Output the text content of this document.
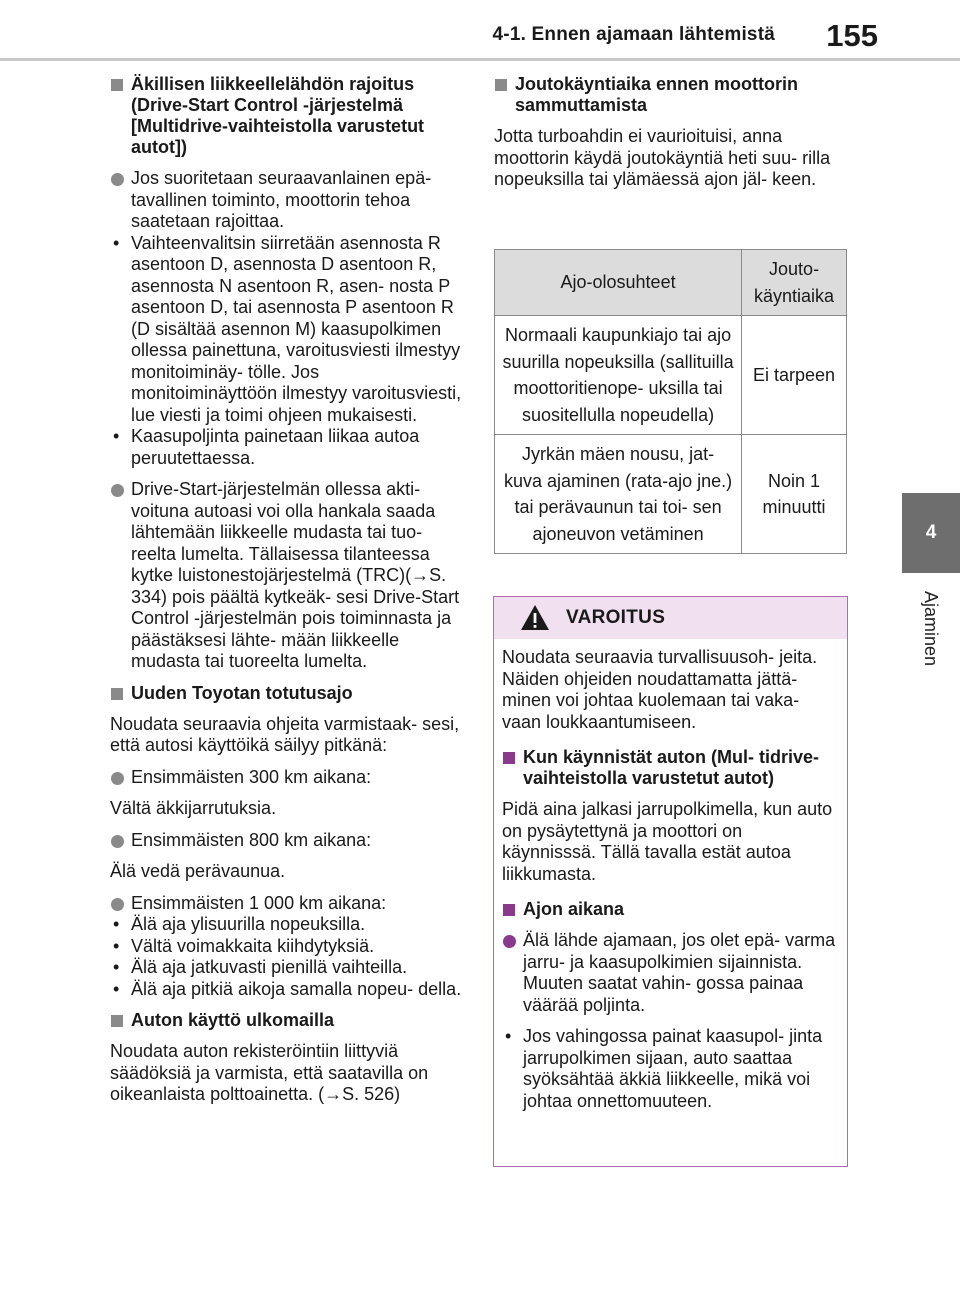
4-1. Ennen ajamaan lähtemistä 155
4
Ajaminen
Äkillisen liikkeellelähdön rajoitus (Drive-Start Control -järjestelmä [Multidrive-vaihteistolla varustetut autot])
Jos suoritetaan seuraavanlainen epä- tavallinen toiminto, moottorin tehoa saatetaan rajoittaa.
• Vaihteenvalitsin siirretään asennosta R asentoon D, asennosta D asentoon R, asennosta N asentoon R, asen- nosta P asentoon D, tai asennosta P asentoon R (D sisältää asennon M) kaasupolkimen ollessa painettuna, varoitusviesti ilmestyy monitoiminäy- tölle. Jos monitoiminäyttöön ilmestyy varoitusviesti, lue viesti ja toimi ohjeen mukaisesti.
• Kaasupoljinta painetaan liikaa autoa peruutettaessa.
Drive-Start-järjestelmän ollessa akti- voituna autoasi voi olla hankala saada lähtemään liikkeelle mudasta tai tuo- reelta lumelta. Tällaisessa tilanteessa kytke luistonestojärjestelmä (TRC)(→S. 334) pois päältä kytkeäk- sesi Drive-Start Control -järjestelmän pois toiminnasta ja päästäksesi lähte- mään liikkeelle mudasta tai tuoreelta lumelta.
Uuden Toyotan totutusajo
Noudata seuraavia ohjeita varmistaak- sesi, että autosi käyttöikä säilyy pitkänä:
Ensimmäisten 300 km aikana:
Vältä äkkijarrutuksia.
Ensimmäisten 800 km aikana:
Älä vedä perävaunua.
Ensimmäisten 1 000 km aikana:
• Älä aja ylisuurilla nopeuksilla.
• Vältä voimakkaita kiihdytyksiä.
• Älä aja jatkuvasti pienillä vaihteilla.
• Älä aja pitkiä aikoja samalla nopeu- della.
Auton käyttö ulkomailla
Noudata auton rekisteröintiin liittyviä säädöksiä ja varmista, että saatavilla on oikeanlaista polttoainetta. (→S. 526)
Joutokäyntiaika ennen moottorin sammuttamista
Jotta turboahdin ei vaurioituisi, anna moottorin käydä joutokäyntiä heti suu- rilla nopeuksilla tai ylämäessä ajon jäl- keen.
Ajo-olosuhteet	Jouto- käyntiaika
Normaali kaupunkiajo tai ajo suurilla nopeuksilla (sallituilla moottoritienope- uksilla tai suositellulla nopeudella)	Ei tarpeen
Jyrkän mäen nousu, jat- kuva ajaminen (rata-ajo jne.) tai perävaunun tai toi- sen ajoneuvon vetäminen	Noin 1 minuutti
VAROITUS
Noudata seuraavia turvallisuusoh- jeita.
Näiden ohjeiden noudattamatta jättä- minen voi johtaa kuolemaan tai vaka- vaan loukkaantumiseen.
Kun käynnistät auton (Mul- tidrive-vaihteistolla varustetut autot)
Pidä aina jalkasi jarrupolkimella, kun auto on pysäytettynä ja moottori on käynnisssä. Tällä tavalla estät autoa liikkumasta.
Ajon aikana
Älä lähde ajamaan, jos olet epä- varma jarru- ja kaasupolkimien sijainnista. Muuten saatat vahin- gossa painaa väärää poljinta.
• Jos vahingossa painat kaasupol- jinta jarrupolkimen sijaan, auto saattaa syöksähtää äkkiä liikkeelle, mikä voi johtaa onnettomuuteen.
